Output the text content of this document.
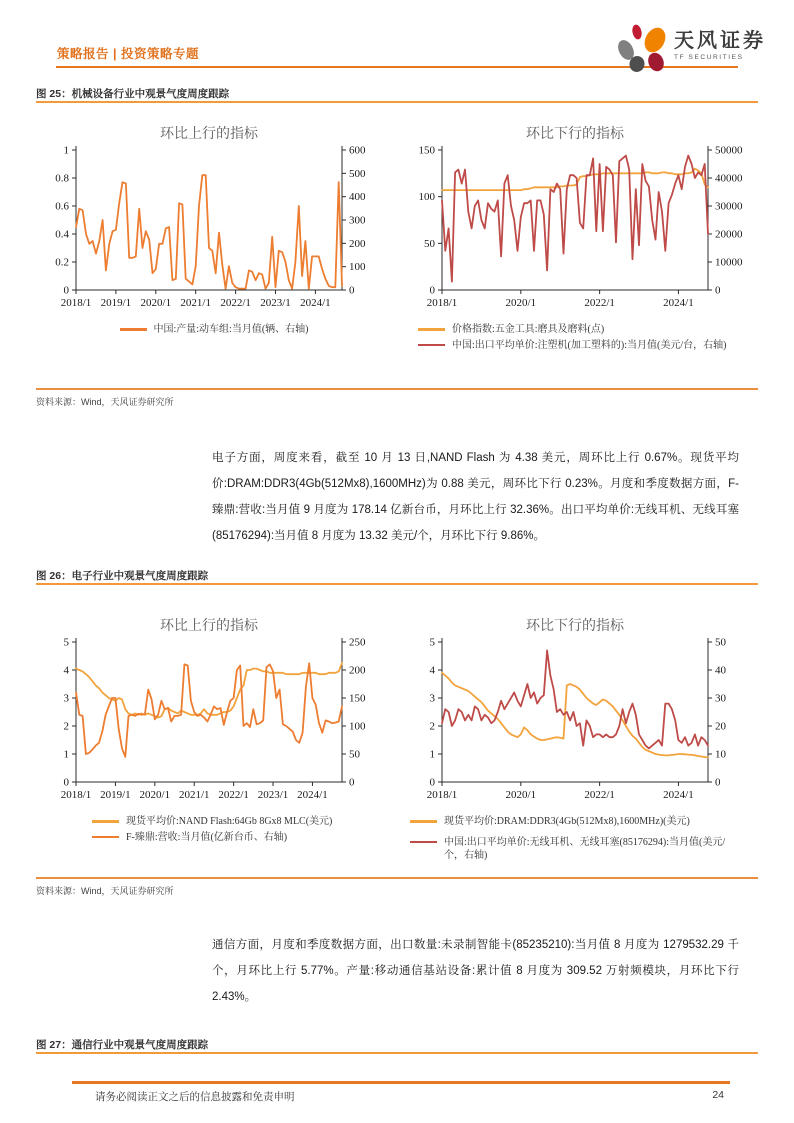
策略报告 | 投资策略专题
天风证券
TF SECURITIES
图 25：机械设备行业中观景气度周度跟踪
环比上行的指标
0
0.2
0.4
0.6
0.8
1
0
100
200
300
400
500
600
2018/1 2019/1 2020/1 2021/1 2022/1 2023/1 2024/1
中国:产量:动车组:当月值(辆、右轴)
环比下行的指标
0
50
100
150
0
10000
20000
30000
40000
50000
2018/1	2020/1	2022/1	2024/1
价格指数:五金工具:磨具及磨料(点)
中国:出口平均单价:注塑机(加工塑料的):当月值(美元/台，右轴)
资料来源：Wind，天风证券研究所
电子方面，周度来看，截至 10 月 13 日,NAND Flash 为 4.38 美元，周环比上行 0.67%。现货平均价:DRAM:DDR3(4Gb(512Mx8),1600MHz)为 0.88 美元，周环比下行 0.23%。月度和季度数据方面，F-臻鼎:营收:当月值 9 月度为 178.14 亿新台币，月环比上行 32.36%。出口平均单价:无线耳机、无线耳塞(85176294):当月值 8 月度为 13.32 美元/个，月环比下行 9.86%。
图 26：电子行业中观景气度周度跟踪
环比上行的指标
0
1
2
3
4
5
0
50
100
150
200
250
2018/1 2019/1 2020/1 2021/1 2022/1 2023/1 2024/1
现货平均价:NAND Flash:64Gb 8Gx8 MLC(美元)
F-臻鼎:营收:当月值(亿新台币、右轴)
环比下行的指标
0
1
2
3
4
5
0
10
20
30
40
50
2018/1	2020/1	2022/1	2024/1
现货平均价:DRAM:DDR3(4Gb(512Mx8),1600MHz)(美元)
中国:出口平均单价:无线耳机、无线耳塞(85176294):当月值(美元/个，右轴)
资料来源：Wind，天风证券研究所
通信方面，月度和季度数据方面，出口数量:未录制智能卡(85235210):当月值 8 月度为 1279532.29 千个，月环比上行 5.77%。产量:移动通信基站设备:累计值 8 月度为 309.52 万射频模块，月环比下行 2.43%。
图 27：通信行业中观景气度周度跟踪
请务必阅读正文之后的信息披露和免责申明	24
